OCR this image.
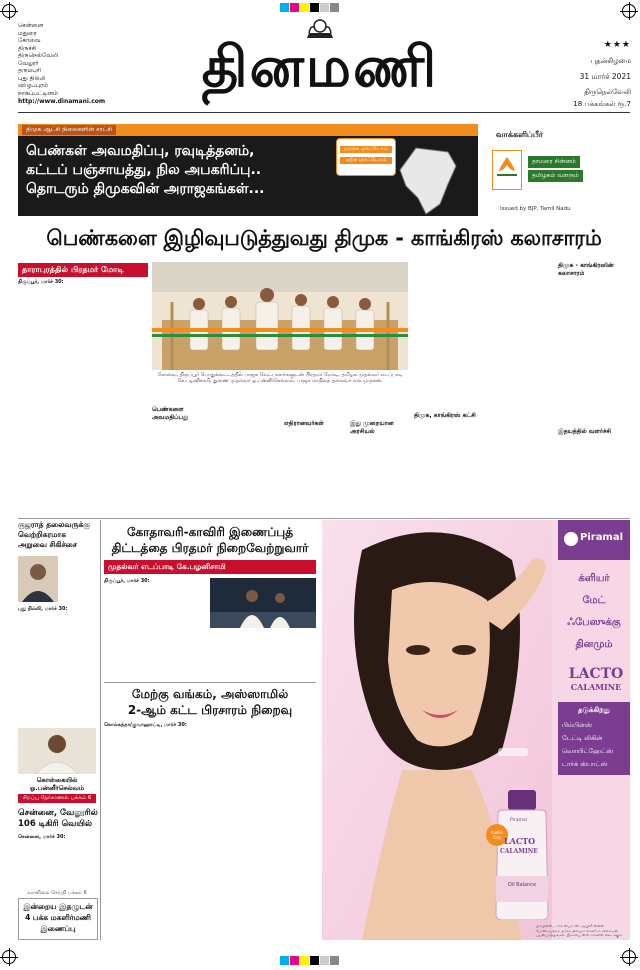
சென்னை
மதுரை
கோவை
திருச்சி
திருநெல்வேலி
வேலூர்
தருமபுரி
புது தில்லி
விழுப்புரம்
நாகப்பட்டினம்
http://www.dinamani.com
தினமணி	★★★
புதன்கிழமை
31 மார்ச் 2021
திருநெல்வேலி
18 பக்கங்கள் ரூ.7
திமுக ஆட்சி நிலைகளின் சாட்சி
பெண்கள் அவமதிப்பு, ரவுடித்தனம்,
கட்டப் பஞ்சாயத்து, நில அபகரிப்பு..
தொடரும் திமுகவின் அராஜகங்கள்...
மறக்க மாட்டோம்
ஏற்க மாட்டோம்
வாக்களிப்பீர்
தாமரை சின்னம்
தமிழகம் வளரும்
Issued by BJP, Tamil Nadu
பெண்களை இழிவுபடுத்துவது திமுக - காங்கிரஸ் கலாசாரம்
தாராபுரத்தில் பிரதமர் மோடி

திருப்பூர், மார்ச் 30:

கோவை, திருப்பூர் பொதுக்கூட்டத்தில் பாஜக வேட்பாளர்களுடன் பிரதமர் மோடி, தமிழக முதல்வர் எடப்பாடி கே.பழனிசாமி, துணை முதல்வர் ஓ.பன்னீர்செல்வம், பாஜக மாநிலத் தலைவர் எல்.முருகன்.
பெண்களை அவமதிப்பது
எதிரானவர்கள்	இது முறையான அரசியல்
திமுக, காங்கிரஸ் கட்சி
திமுக - காங்கிரஸின் கலாசாரம்
இதயத்தில் வளர்ச்சி
குஜராத் தலைவருக்கு
வெற்றிகரமாக
அறுவை சிகிச்சை

புது தில்லி, மார்ச் 30:

கொள்கையில்
ஓ.பன்னீர்செல்வம்
சிறப்பு நேர்காணல் பக்கம் 6
சென்னை, வேலூரில்
106 டிகிரி வெயில்

சென்னை, மார்ச் 30:

வானிலை செய்தி பக்கம் 6
இன்றைய இதழுடன்
4 பக்க மகளிர்மணி
இணைப்பு
கோதாவரி-காவிரி இணைப்புத்
திட்டத்தை பிரதமர் நிறைவேற்றுவார்
முதல்வர் எடப்பாடி கே.பழனிசாமி

திருப்பூர், மார்ச் 30:

மேற்கு வங்கம், அஸ்ஸாமில்
2-ஆம் கட்ட பிரசாரம் நிறைவு

கொல்கத்தா/குவாஹாட்டி, மார்ச் 30:

Piramal
க்ளியர்
மேட்
ஃபேஸுக்கு
தினமும்
LACTO
CALAMINE
தடுக்கிறது
பிம்பிள்ஸ்
டேட்டி லிகின்
வொயிட்ஹேட்ஸ்
டார்க் ஸ்பாட்ஸ்
Kaolin Clay
Piramal
LACTO
CALAMINE
Oil Balance
பிம்பிள்ஸ், டார்க் ஸ்பாட்ஸ், ஆயிலி ஸ்கின் போன்றவற்றை தடுக்க தினமும் லாக்டோ கலாமைன் பயன்படுத்துங்கள். இணைய ஸ்டோர்களில் கிடைக்கும்.
